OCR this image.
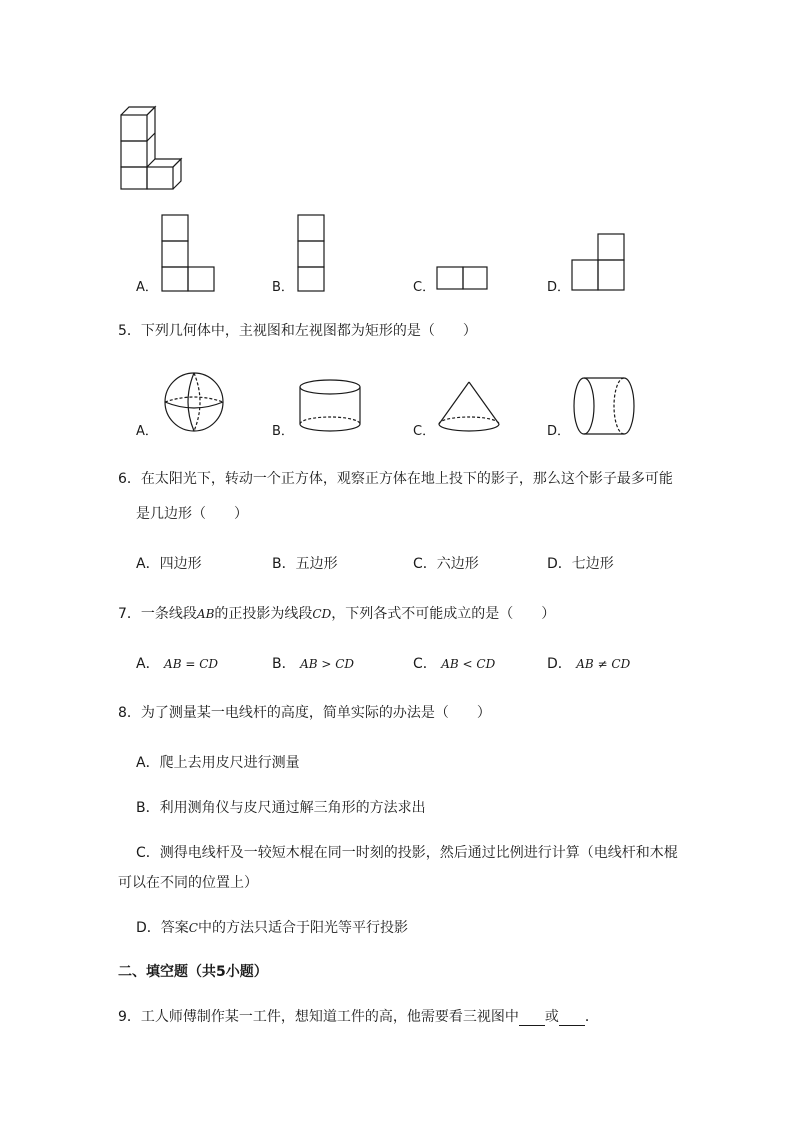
A．	B．	C．	D．
5．下列几何体中，主视图和左视图都为矩形的是（　　）
A．	B．	C．	D．
6．在太阳光下，转动一个正方体，观察正方体在地上投下的影子，那么这个影子最多可能
是几边形（　　）
A．四边形	B．五边形	C．六边形	D．七边形
7．一条线段AB的正投影为线段CD，下列各式不可能成立的是（　　）
A． AB = CD	B． AB > CD	C． AB < CD	D． AB ≠ CD
8．为了测量某一电线杆的高度，简单实际的办法是（　　）
A．爬上去用皮尺进行测量
B．利用测角仪与皮尺通过解三角形的方法求出
C．测得电线杆及一较短木棍在同一时刻的投影，然后通过比例进行计算（电线杆和木棍
可以在不同的位置上）
D．答案C中的方法只适合于阳光等平行投影
二、填空题（共5小题）
9．工人师傅制作某一工件，想知道工件的高，他需要看三视图中 或 ．
